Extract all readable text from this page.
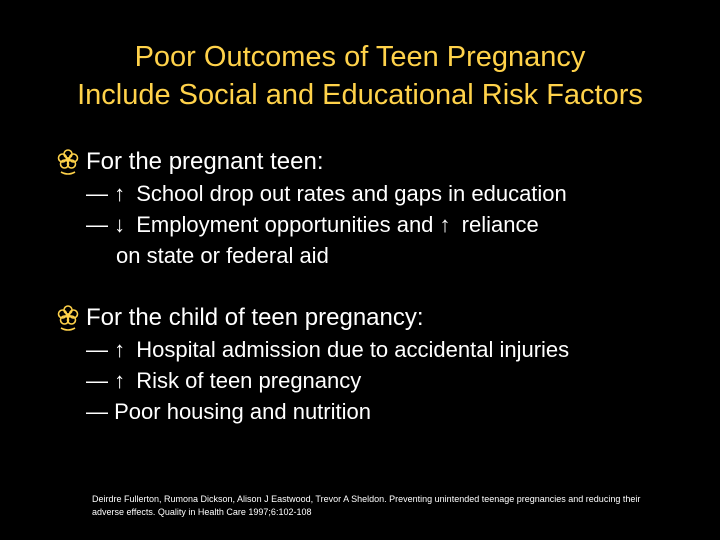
Poor Outcomes of Teen Pregnancy
Include Social and Educational Risk Factors
For the pregnant teen:
— ↑ School drop out rates and gaps in education
— ↓ Employment opportunities and ↑ reliance
on state or federal aid
For the child of teen pregnancy:
— ↑ Hospital admission due to accidental injuries
— ↑ Risk of teen pregnancy
— Poor housing and nutrition
Deirdre Fullerton, Rumona Dickson, Alison J Eastwood, Trevor A Sheldon. Preventing unintended teenage pregnancies and reducing their adverse effects. Quality in Health Care 1997;6:102-108
